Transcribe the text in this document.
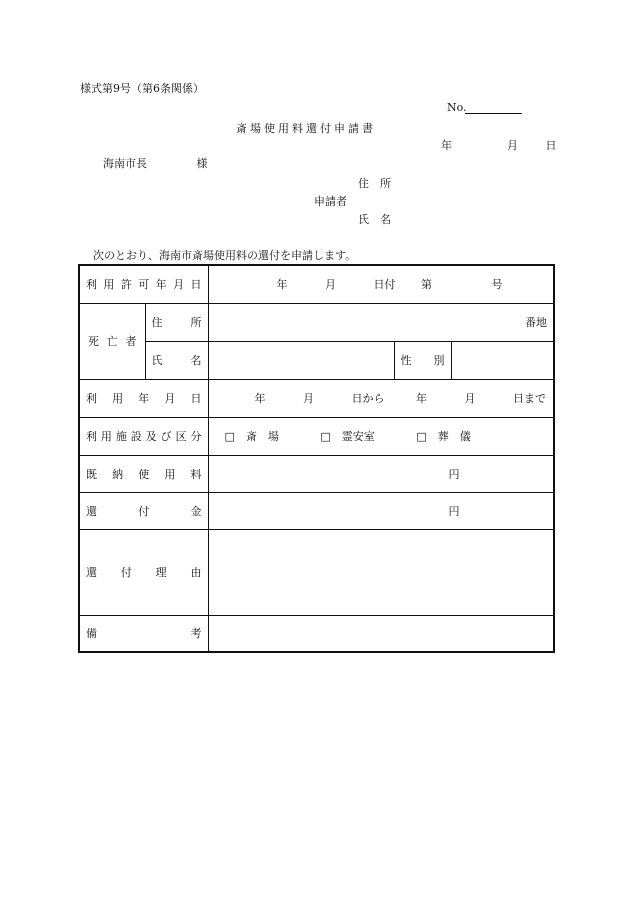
様式第9号（第6条関係）
No.
斎場使用料還付申請書
年	月	日
海南市長	様
住　所
申請者
氏　名
次のとおり、海南市斎場使用料の還付を申請します。
利用許可年月日		年 月 日付 第 号		
死亡者	住　所	番地		
	氏　名		性　別	
利用年月日		年 月 日から 年 月 日まで		
利用施設及び区分		□　斎　場 □　霊安室 □　葬　儀		
既納使用料		円		
還付金		円		
還付理由				
備考				
